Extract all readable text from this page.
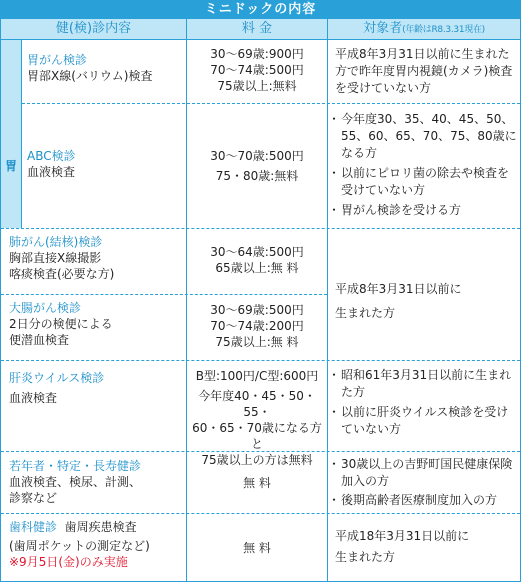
ミニドックの内容
健(検)診内容	料 金	対象者(年齢はR8.3.31現在)
胃
胃がん検診
胃部X線(バリウム)検査
30～69歳:900円
70～74歳:500円
75歳以上:無料
平成8年3月31日以前に生まれた方で昨年度胃内視鏡(カメラ)検査を受けていない方
ABC検診
血液検査
30～70歳:500円
75・80歳:無料
・ 今年度30、35、40、45、50、55、60、65、70、75、80歳になる方
・ 以前にピロリ菌の除去や検査を受けていない方
・ 胃がん検診を受ける方
肺がん(結核)検診
胸部直接X線撮影
喀痰検査(必要な方)
30～64歳:500円
65歳以上:無 料
大腸がん検診
2日分の検便による
便潜血検査
30～69歳:500円
70～74歳:200円
75歳以上:無 料
平成8年3月31日以前に
生まれた方
肝炎ウイルス検診
血液検査
B型:100円/C型:600円
今年度40・45・50・55・
60・65・70歳になる方と
75歳以上の方は無料
・ 昭和61年3月31日以前に生まれた方
・ 以前に肝炎ウイルス検診を受けていない方
若年者・特定・長寿健診
血液検査、検尿、計測、
診察など
無 料
・ 30歳以上の吉野町国民健康保険加入の方
・ 後期高齢者医療制度加入の方
歯科健診 歯周疾患検査
(歯周ポケットの測定など)
※9月5日(金)のみ実施
無 料
平成18年3月31日以前に
生まれた方
